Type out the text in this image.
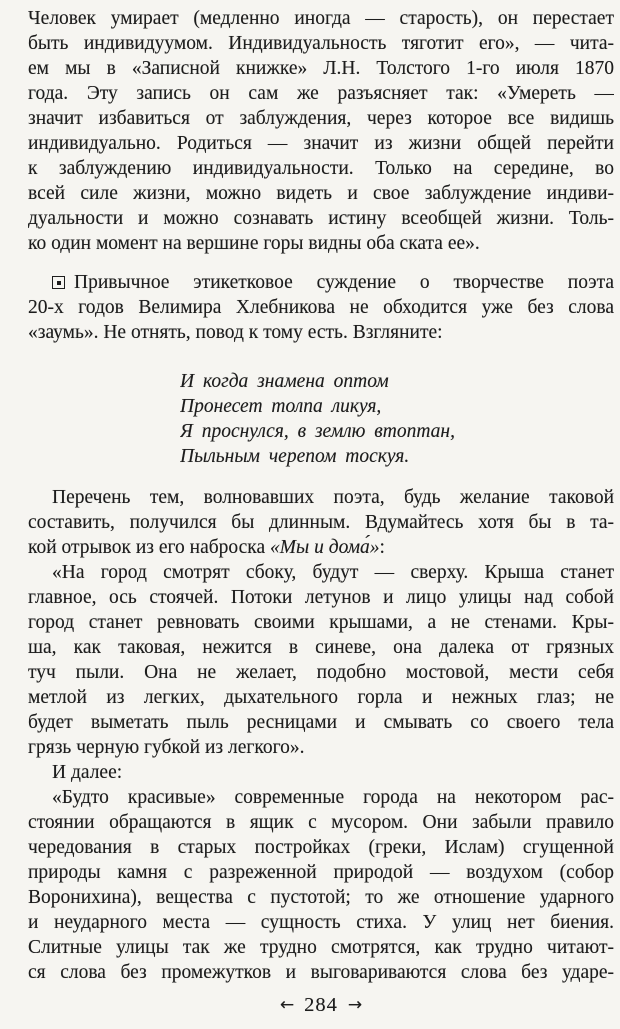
Человек умирает (медленно иногда — старость), он перестает
быть индивидуумом. Индивидуальность тяготит его», — чита-
ем мы в «Записной книжке» Л.Н. Толстого 1-го июля 1870
года. Эту запись он сам же разъясняет так: «Умереть —
значит избавиться от заблуждения, через которое все видишь
индивидуально. Родиться — значит из жизни общей перейти
к заблуждению индивидуальности. Только на середине, во
всей силе жизни, можно видеть и свое заблуждение индиви-
дуальности и можно сознавать истину всеобщей жизни. Толь-
ко один момент на вершине горы видны оба ската ее».
Привычное этикетковое суждение о творчестве поэта
20-х годов Велимира Хлебникова не обходится уже без слова
«заумь». Не отнять, повод к тому есть. Взгляните:
И когда знамена оптом
Пронесет толпа ликуя,
Я проснулся, в землю втоптан,
Пыльным черепом тоскуя.
Перечень тем, волновавших поэта, будь желание таковой
составить, получился бы длинным. Вдумайтесь хотя бы в та-
кой отрывок из его наброска «Мы и дома́»:
«На город смотрят сбоку, будут — сверху. Крыша станет
главное, ось стоячей. Потоки летунов и лицо улицы над собой
город станет ревновать своими крышами, а не стенами. Кры-
ша, как таковая, нежится в синеве, она далека от грязных
туч пыли. Она не желает, подобно мостовой, мести себя
метлой из легких, дыхательного горла и нежных глаз; не
будет выметать пыль ресницами и смывать со своего тела
грязь черную губкой из легкого».
И далее:
«Будто красивые» современные города на некотором рас-
стоянии обращаются в ящик с мусором. Они забыли правило
чередования в старых постройках (греки, Ислам) сгущенной
природы камня с разреженной природой — воздухом (собор
Воронихина), вещества с пустотой; то же отношение ударного
и неударного места — сущность стиха. У улиц нет биения.
Слитные улицы так же трудно смотрятся, как трудно читают-
ся слова без промежутков и выговариваются слова без ударе-
← 284 →
